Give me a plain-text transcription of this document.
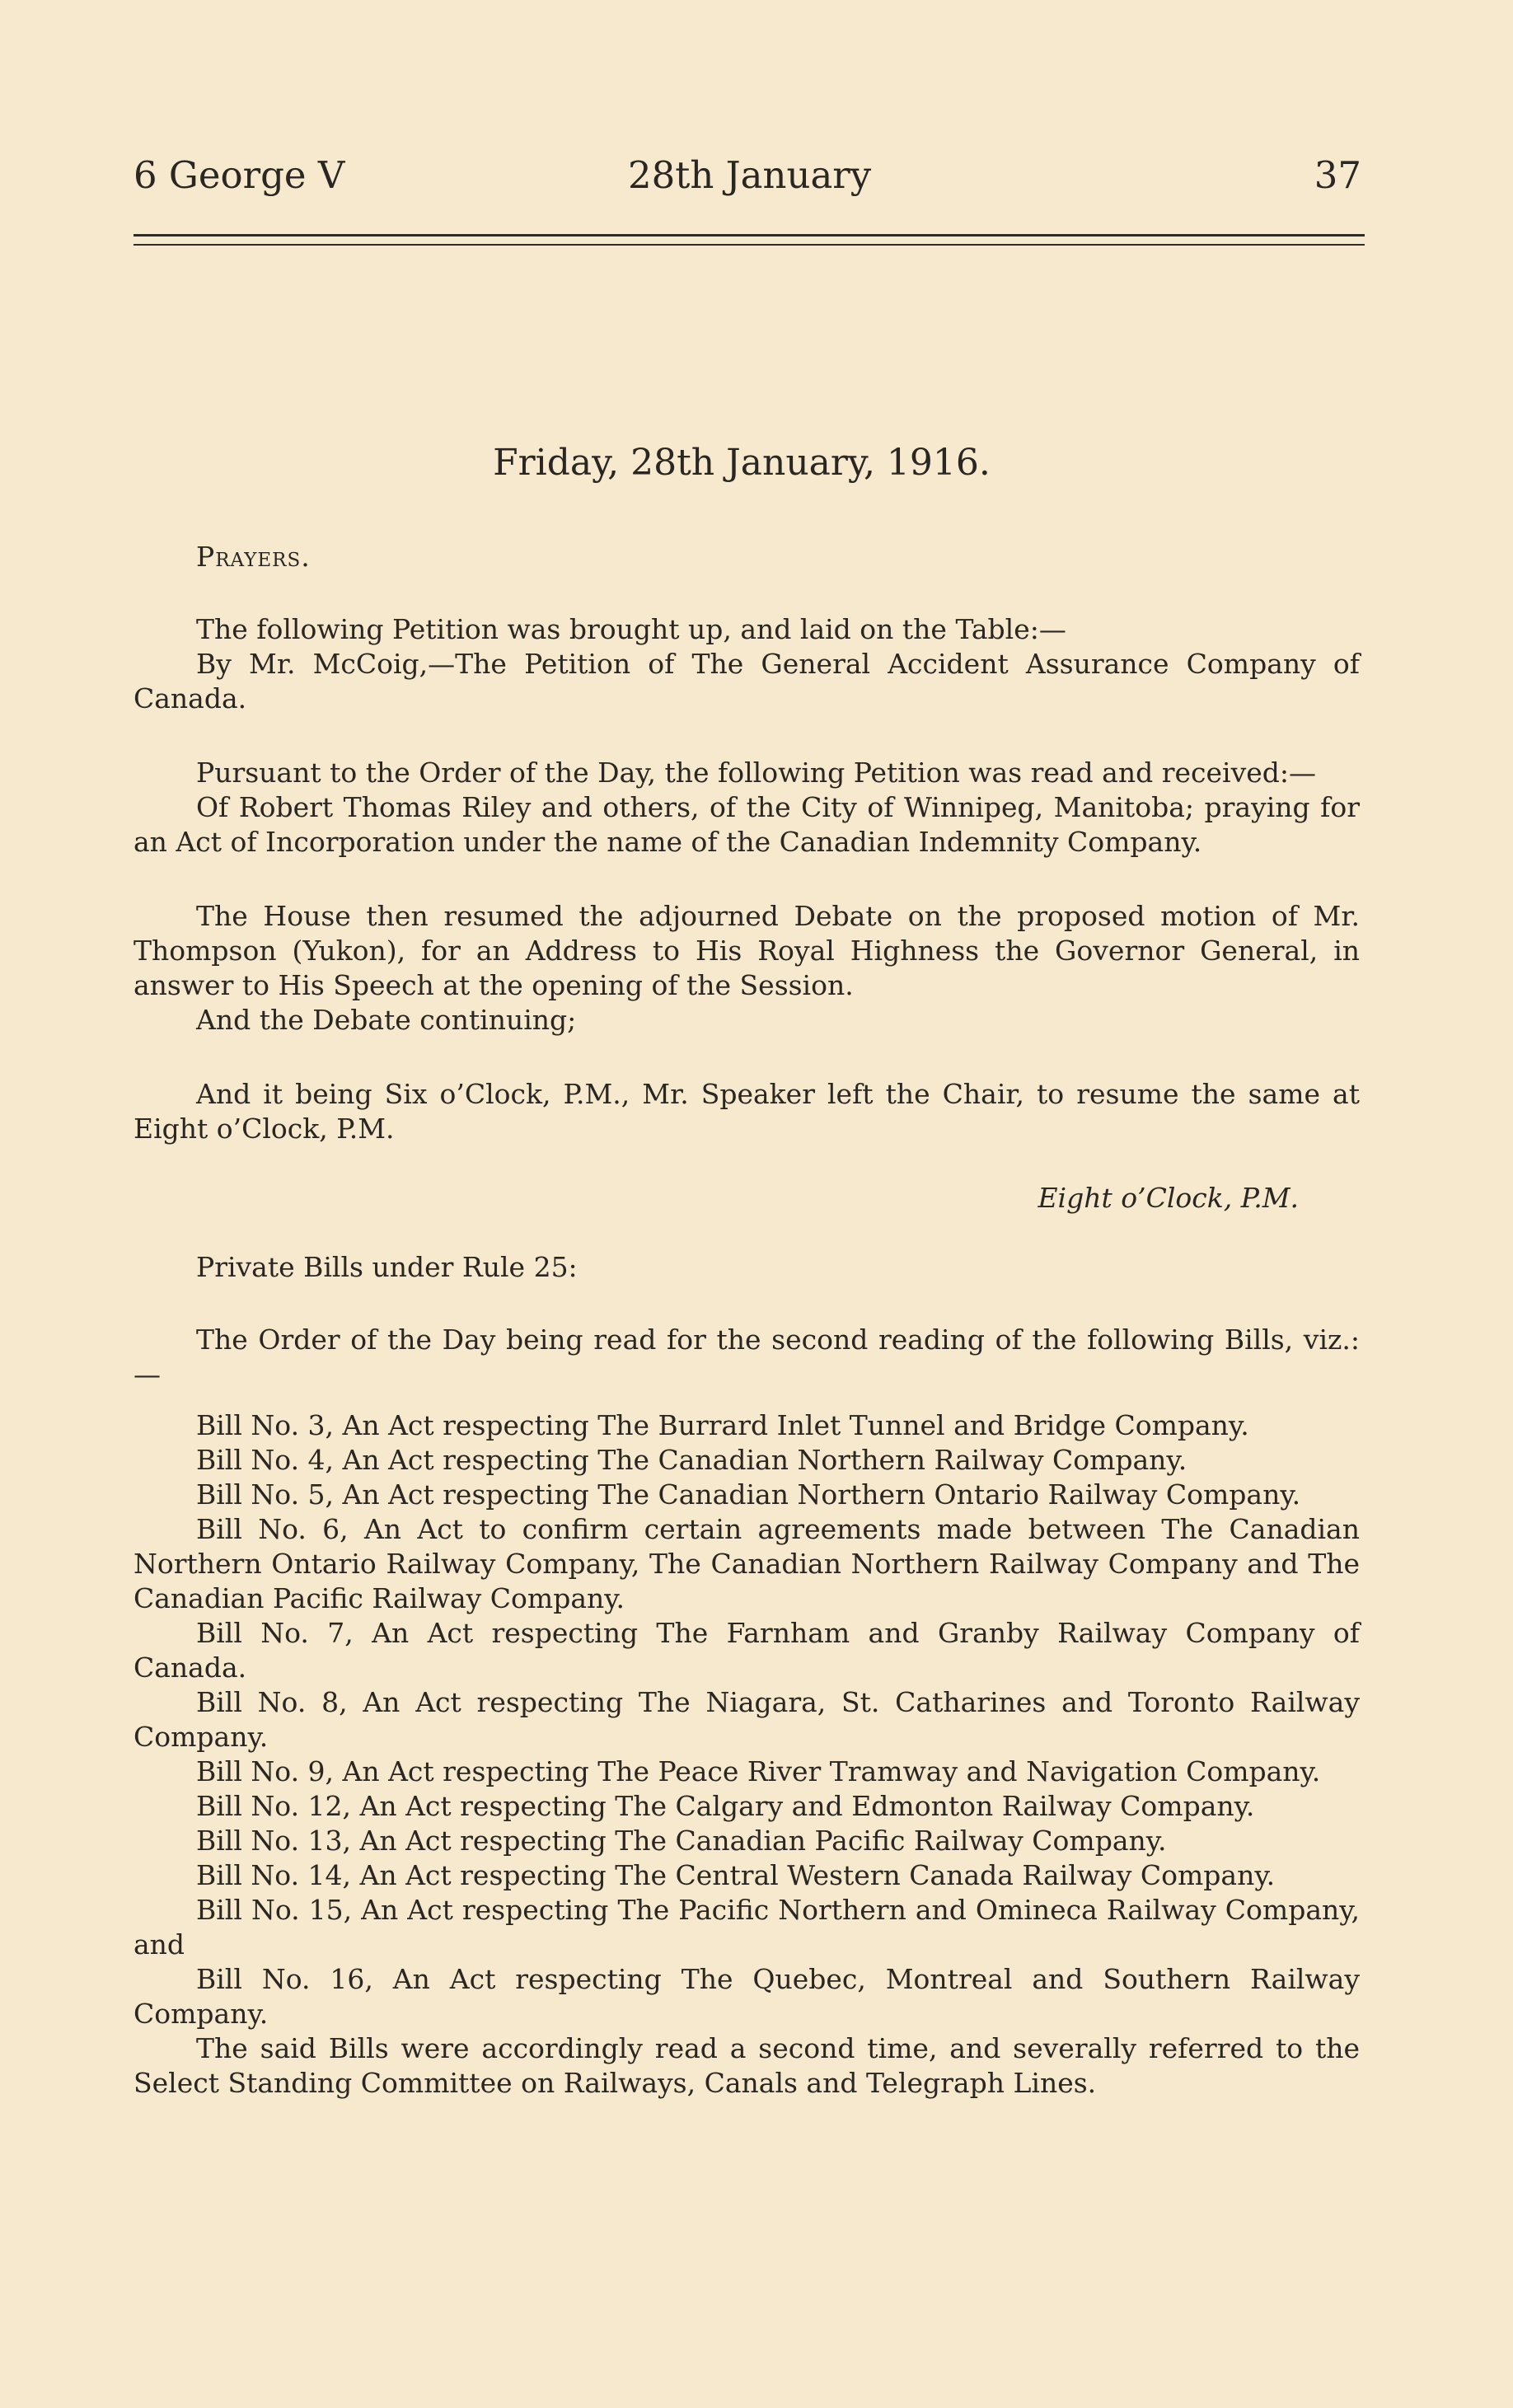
6 George V	28th January	37
Friday, 28th January, 1916.

Prayers.

The following Petition was brought up, and laid on the Table:—

By Mr. McCoig,—The Petition of The General Accident Assurance Company of Canada.

Pursuant to the Order of the Day, the following Petition was read and received:—

Of Robert Thomas Riley and others, of the City of Winnipeg, Manitoba; praying for an Act of Incorporation under the name of the Canadian Indemnity Company.

The House then resumed the adjourned Debate on the proposed motion of Mr. Thompson (Yukon), for an Address to His Royal Highness the Governor General, in answer to His Speech at the opening of the Session.

And the Debate continuing;

And it being Six o’Clock, P.M., Mr. Speaker left the Chair, to resume the same at Eight o’Clock, P.M.

Eight o’Clock, P.M.

Private Bills under Rule 25:

The Order of the Day being read for the second reading of the following Bills, viz.:—

Bill No. 3, An Act respecting The Burrard Inlet Tunnel and Bridge Company.

Bill No. 4, An Act respecting The Canadian Northern Railway Company.

Bill No. 5, An Act respecting The Canadian Northern Ontario Railway Company.

Bill No. 6, An Act to confirm certain agreements made between The Canadian Northern Ontario Railway Company, The Canadian Northern Railway Company and The Canadian Pacific Railway Company.

Bill No. 7, An Act respecting The Farnham and Granby Railway Company of Canada.

Bill No. 8, An Act respecting The Niagara, St. Catharines and Toronto Railway Company.

Bill No. 9, An Act respecting The Peace River Tramway and Navigation Company.

Bill No. 12, An Act respecting The Calgary and Edmonton Railway Company.

Bill No. 13, An Act respecting The Canadian Pacific Railway Company.

Bill No. 14, An Act respecting The Central Western Canada Railway Company.

Bill No. 15, An Act respecting The Pacific Northern and Omineca Railway Company, and

Bill No. 16, An Act respecting The Quebec, Montreal and Southern Railway Company.

The said Bills were accordingly read a second time, and severally referred to the Select Standing Committee on Railways, Canals and Telegraph Lines.
